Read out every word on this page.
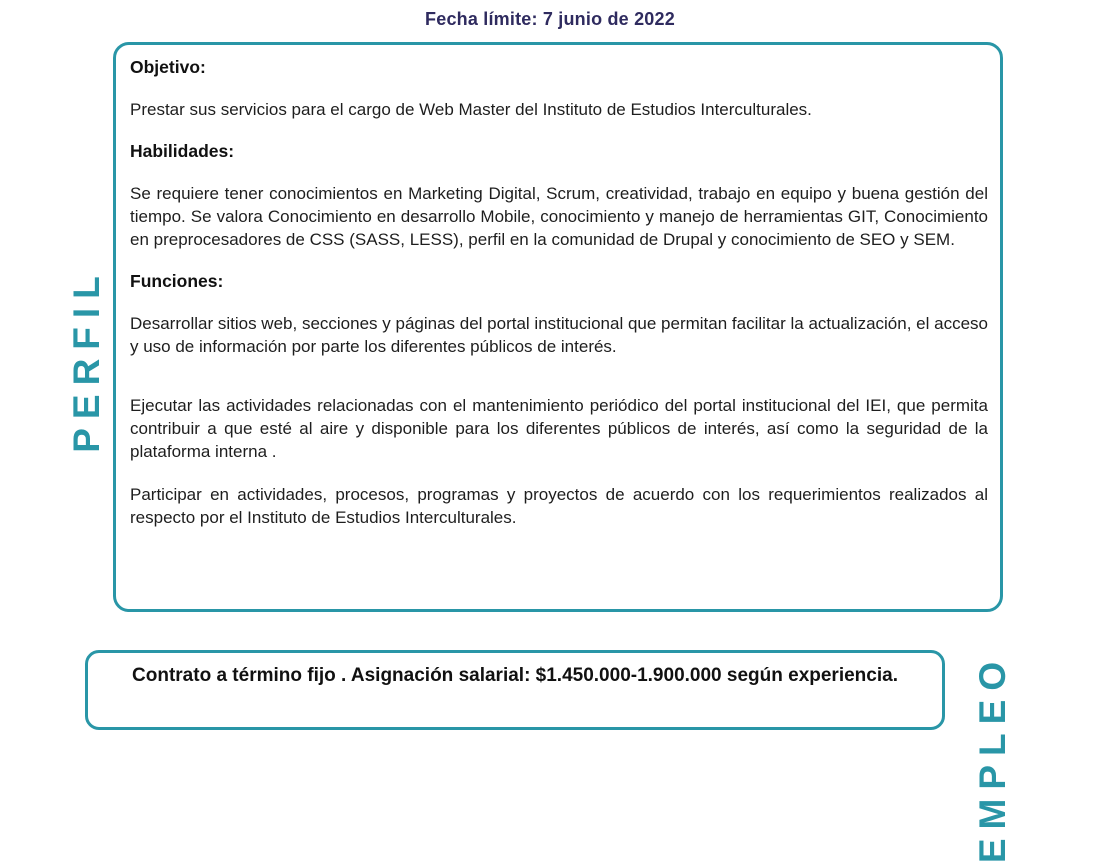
Fecha límite: 7 junio de 2022
PERFIL
Objetivo:

Prestar sus servicios para el cargo de Web Master del Instituto de Estudios Interculturales.

Habilidades:

Se requiere tener conocimientos en Marketing Digital, Scrum, creatividad, trabajo en equipo y buena gestión del tiempo. Se valora Conocimiento en desarrollo Mobile, conocimiento y manejo de herramientas GIT, Conocimiento en preprocesadores de CSS (SASS, LESS), perfil en la comunidad de Drupal y conocimiento de SEO y SEM.

Funciones:

Desarrollar sitios web, secciones y páginas del portal institucional que permitan facilitar la actualización, el acceso y uso de información por parte los diferentes públicos de interés.

Ejecutar las actividades relacionadas con el mantenimiento periódico del portal institucional del IEI, que permita contribuir a que esté al aire y disponible para los diferentes públicos de interés, así como la seguridad de la plataforma interna .

Participar en actividades, procesos, programas y proyectos de acuerdo con los requerimientos realizados al respecto por el Instituto de Estudios Interculturales.

Contrato a término fijo . Asignación salarial: $1.450.000-1.900.000 según experiencia.	EMPLEO
